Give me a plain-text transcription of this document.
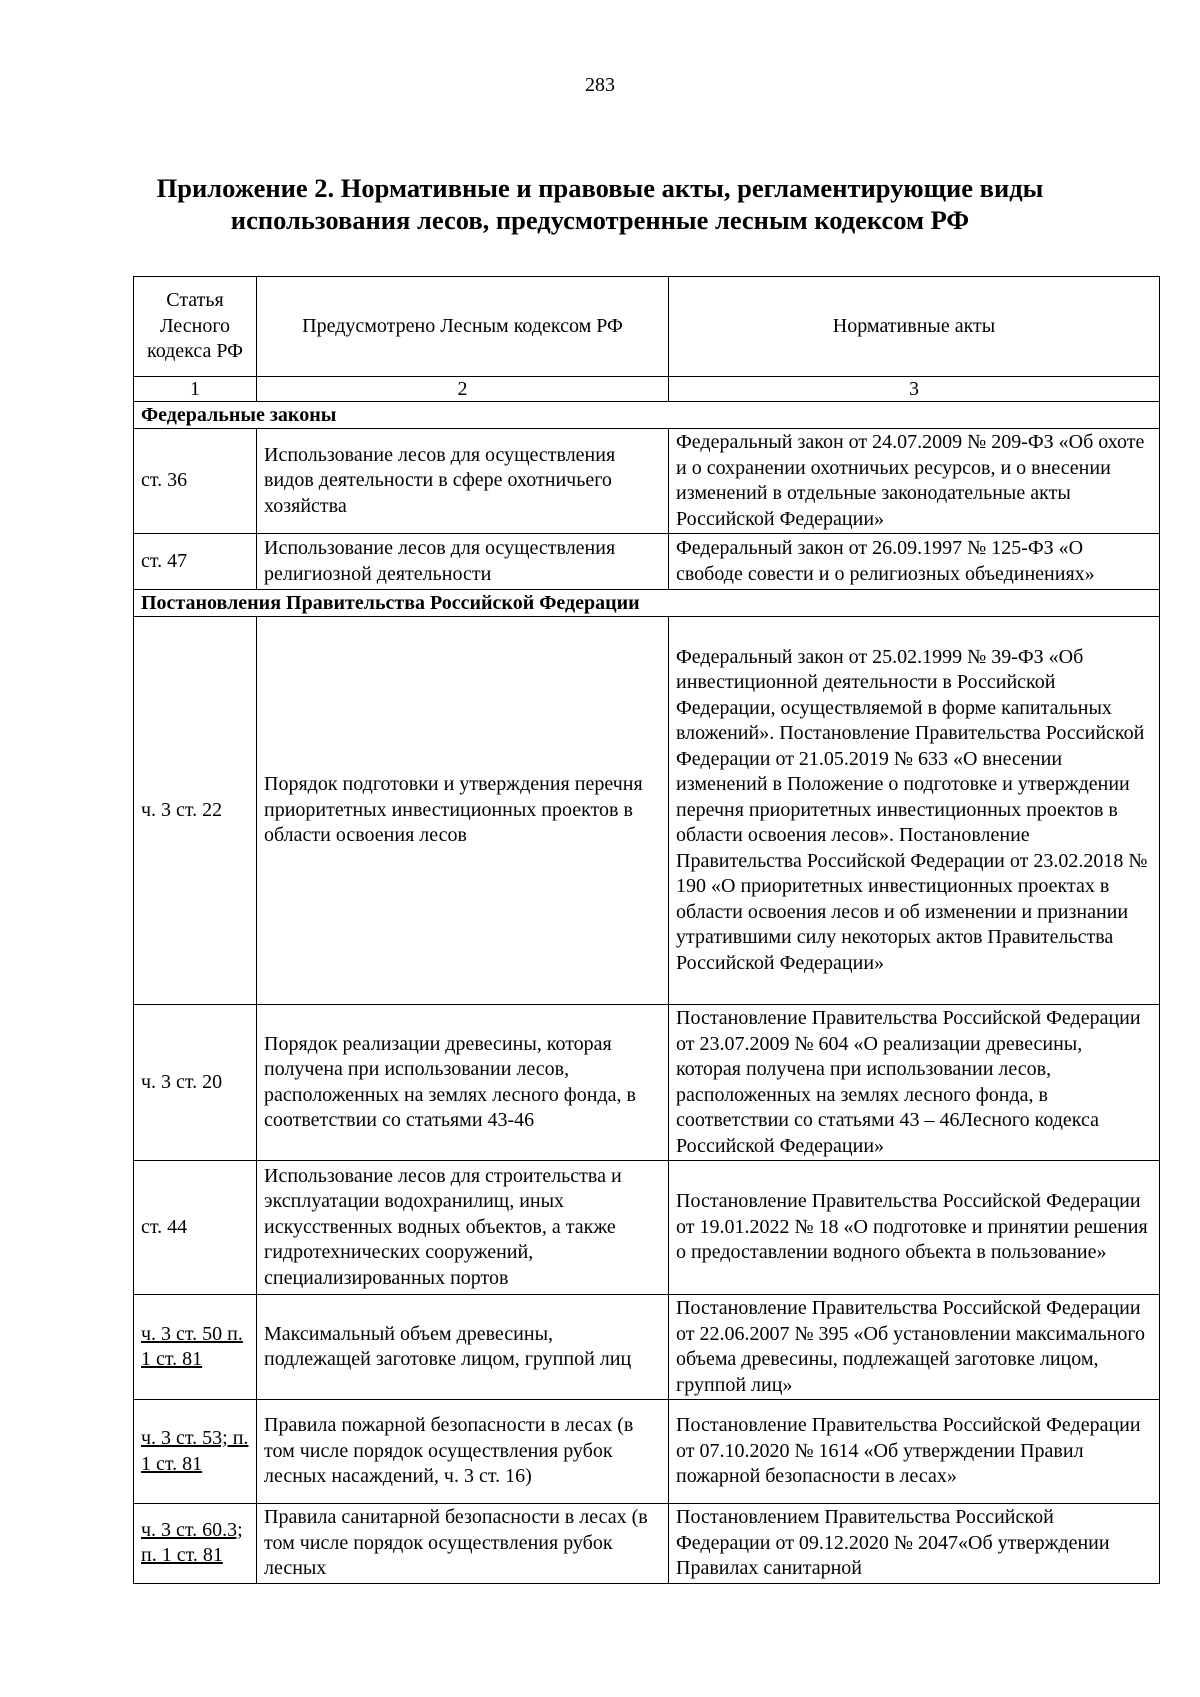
283
Приложение 2. Нормативные и правовые акты, регламентирующие виды
использования лесов, предусмотренные лесным кодексом РФ
Статья Лесного кодекса РФ	Предусмотрено Лесным кодексом РФ	Нормативные акты
1	2	3
Федеральные законы		
ст. 36	Использование лесов для осуществления видов деятельности в сфере охотничьего хозяйства	Федеральный закон от 24.07.2009 № 209-ФЗ «Об охоте и о сохранении охотничьих ресурсов, и о внесении изменений в отдельные законодательные акты Российской Федерации»
ст. 47	Использование лесов для осуществления религиозной деятельности	Федеральный закон от 26.09.1997 № 125-ФЗ «О свободе совести и о религиозных объединениях»
Постановления Правительства Российской Федерации		
ч. 3 ст. 22	Порядок подготовки и утверждения перечня приоритетных инвестиционных проектов в области освоения лесов	Федеральный закон от 25.02.1999 № 39-ФЗ «Об инвестиционной деятельности в Российской Федерации, осуществляемой в форме капитальных вложений». Постановление Правительства Российской Федерации от 21.05.2019 № 633 «О внесении изменений в Положение о подготовке и утверждении перечня приоритетных инвестиционных проектов в области освоения лесов». Постановление Правительства Российской Федерации от 23.02.2018 № 190 «О приоритетных инвестиционных проектах в области освоения лесов и об изменении и признании утратившими силу некоторых актов Правительства Российской Федерации»
ч. 3 ст. 20	Порядок реализации древесины, которая получена при использовании лесов, расположенных на землях лесного фонда, в соответствии со статьями 43-46	Постановление Правительства Российской Федерации от 23.07.2009 № 604 «О реализации древесины, которая получена при использовании лесов, расположенных на землях лесного фонда, в соответствии со статьями 43 – 46Лесного кодекса Российской Федерации»
ст. 44	Использование лесов для строительства и эксплуатации водохранилищ, иных искусственных водных объектов, а также гидротехнических сооружений, специализированных портов	Постановление Правительства Российской Федерации от 19.01.2022 № 18 «О подготовке и принятии решения о предоставлении водного объекта в пользование»
ч. 3 ст. 50 п. 1 ст. 81	Максимальный объем древесины, подлежащей заготовке лицом, группой лиц	Постановление Правительства Российской Федерации от 22.06.2007 № 395 «Об установлении максимального объема древесины, подлежащей заготовке лицом, группой лиц»
ч. 3 ст. 53; п. 1 ст. 81	Правила пожарной безопасности в лесах (в том числе порядок осуществления рубок лесных насаждений, ч. 3 ст. 16)	Постановление Правительства Российской Федерации от 07.10.2020 № 1614 «Об утверждении Правил пожарной безопасности в лесах»
ч. 3 ст. 60.3; п. 1 ст. 81	Правила санитарной безопасности в лесах (в том числе порядок осуществления рубок лесных	Постановлением Правительства Российской Федерации от 09.12.2020 № 2047«Об утверждении Правилах санитарной
